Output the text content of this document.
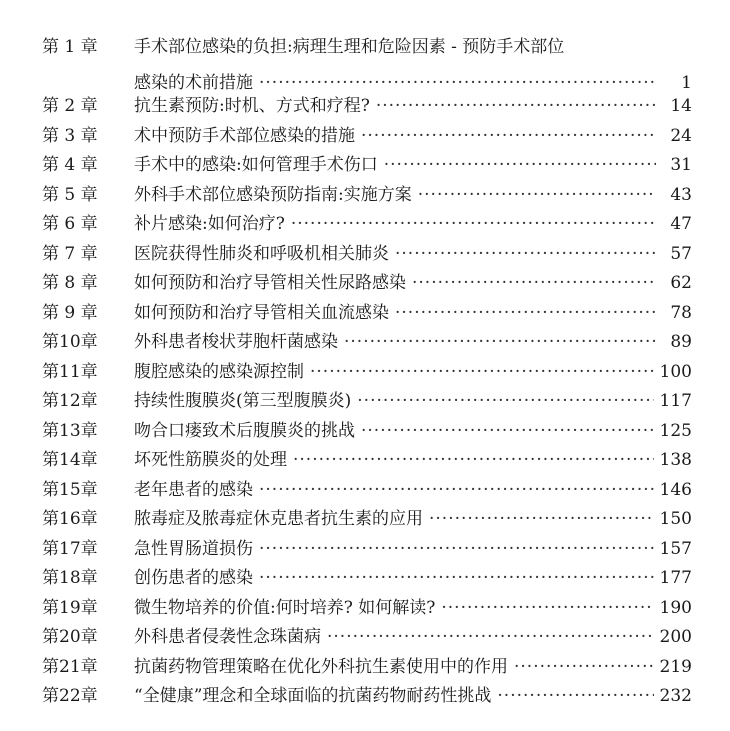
第 1 章	手术部位感染的负担:病理生理和危险因素 - 预防手术部位
感染的术前措施 ·····	1
第 2 章	抗生素预防:时机、方式和疗程? ·····	14
第 3 章	术中预防手术部位感染的措施 ·····	24
第 4 章	手术中的感染:如何管理手术伤口 ·····	31
第 5 章	外科手术部位感染预防指南:实施方案 ·····	43
第 6 章	补片感染:如何治疗? ·····	47
第 7 章	医院获得性肺炎和呼吸机相关肺炎 ·····	57
第 8 章	如何预防和治疗导管相关性尿路感染 ·····	62
第 9 章	如何预防和治疗导管相关血流感染 ·····	78
第10章	外科患者梭状芽胞杆菌感染 ·····	89
第11章	腹腔感染的感染源控制 ·····	100
第12章	持续性腹膜炎(第三型腹膜炎) ·····	117
第13章	吻合口瘘致术后腹膜炎的挑战 ·····	125
第14章	坏死性筋膜炎的处理 ·····	138
第15章	老年患者的感染 ·····	146
第16章	脓毒症及脓毒症休克患者抗生素的应用 ·····	150
第17章	急性胃肠道损伤 ·····	157
第18章	创伤患者的感染 ·····	177
第19章	微生物培养的价值:何时培养? 如何解读? ·····	190
第20章	外科患者侵袭性念珠菌病 ·····	200
第21章	抗菌药物管理策略在优化外科抗生素使用中的作用 ·····	219
第22章	“全健康”理念和全球面临的抗菌药物耐药性挑战 ·····	232
